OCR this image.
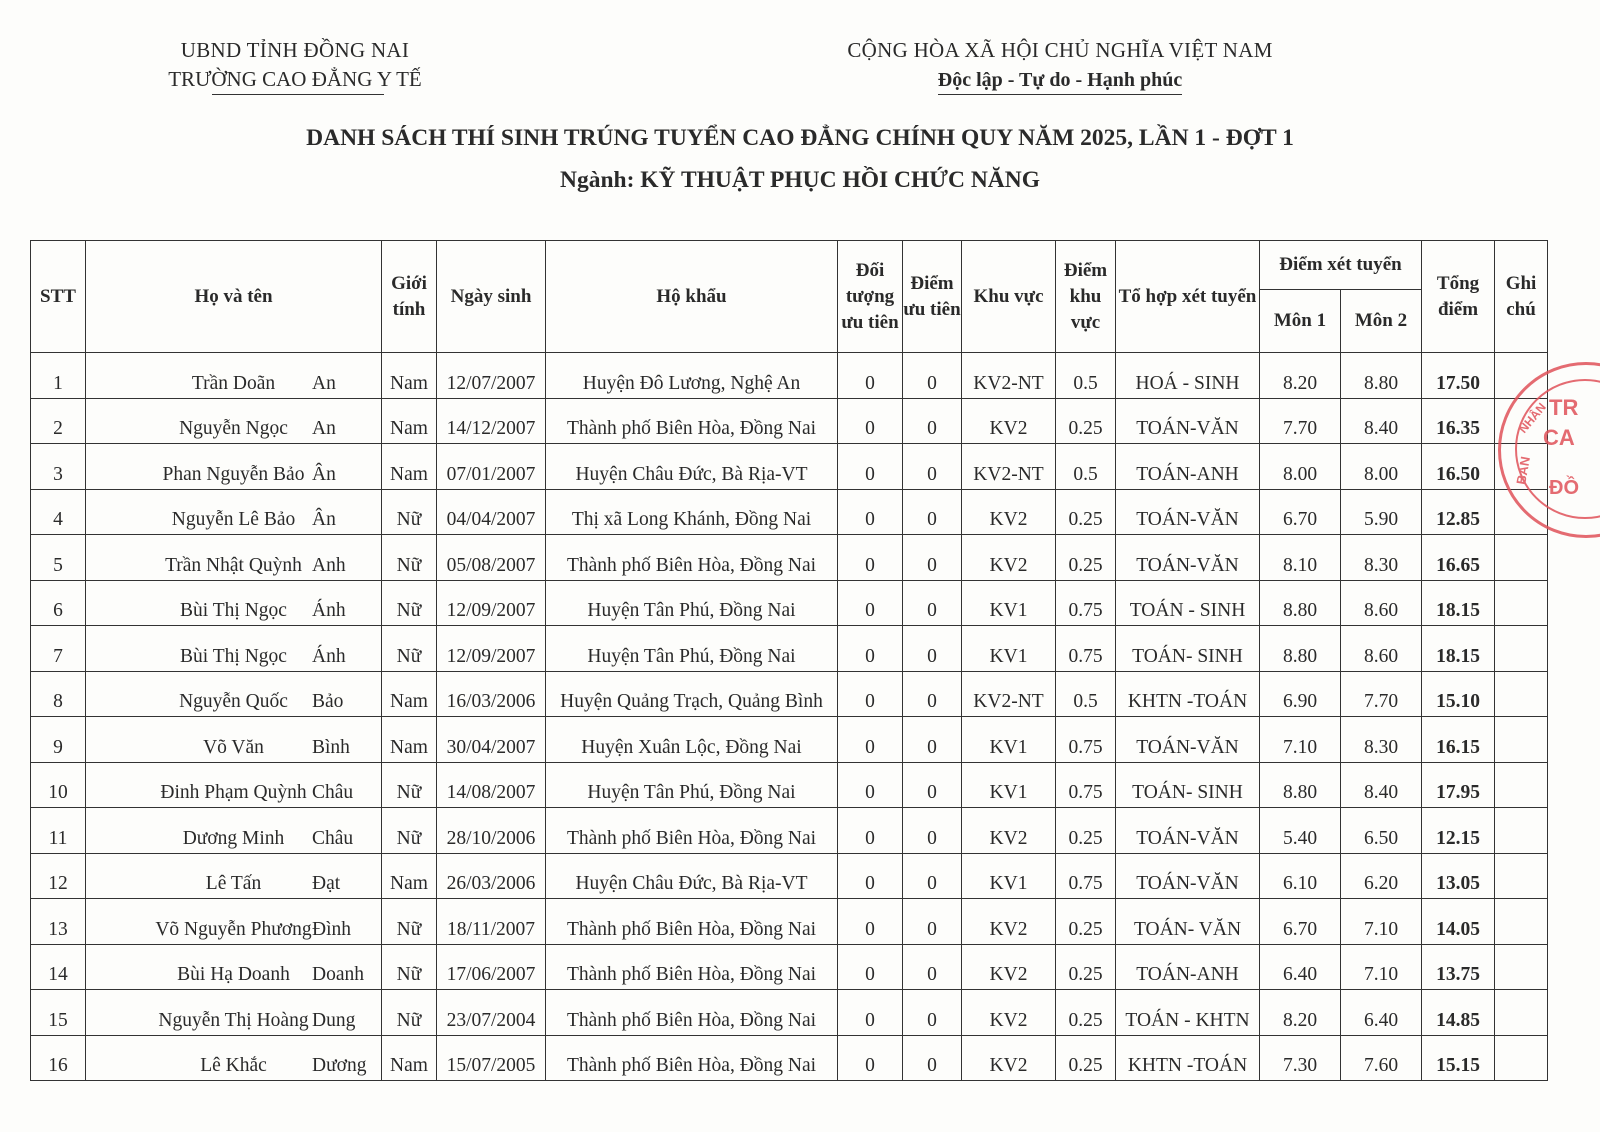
UBND TỈNH ĐỒNG NAI
TRƯỜNG CAO ĐẲNG Y TẾ
CỘNG HÒA XÃ HỘI CHỦ NGHĨA VIỆT NAM
Độc lập - Tự do - Hạnh phúc
DANH SÁCH THÍ SINH TRÚNG TUYỂN CAO ĐẲNG CHÍNH QUY NĂM 2025, LẦN 1 - ĐỢT 1
Ngành: KỸ THUẬT PHỤC HỒI CHỨC NĂNG
STT	Họ và tên	Giới tính	Ngày sinh	Hộ khẩu	Đối tượng ưu tiên	Điểm ưu tiên	Khu vực	Điểm khu vực	Tổ hợp xét tuyển	Điểm xét tuyển		Tổng điểm	Ghi chú
										Môn 1	Môn 2		
1	Trần Doãn An	Nam	12/07/2007	Huyện Đô Lương, Nghệ An	0	0	KV2-NT	0.5	HOÁ - SINH	8.20	8.80	17.50	
2	Nguyễn Ngọc An	Nam	14/12/2007	Thành phố Biên Hòa, Đồng Nai	0	0	KV2	0.25	TOÁN-VĂN	7.70	8.40	16.35	
3	Phan Nguyễn Bảo Ân	Nam	07/01/2007	Huyện Châu Đức, Bà Rịa-VT	0	0	KV2-NT	0.5	TOÁN-ANH	8.00	8.00	16.50	
4	Nguyễn Lê Bảo Ân	Nữ	04/04/2007	Thị xã Long Khánh, Đồng Nai	0	0	KV2	0.25	TOÁN-VĂN	6.70	5.90	12.85	
5	Trần Nhật Quỳnh Anh	Nữ	05/08/2007	Thành phố Biên Hòa, Đồng Nai	0	0	KV2	0.25	TOÁN-VĂN	8.10	8.30	16.65	
6	Bùi Thị Ngọc Ánh	Nữ	12/09/2007	Huyện Tân Phú, Đồng Nai	0	0	KV1	0.75	TOÁN - SINH	8.80	8.60	18.15	
7	Bùi Thị Ngọc Ánh	Nữ	12/09/2007	Huyện Tân Phú, Đồng Nai	0	0	KV1	0.75	TOÁN- SINH	8.80	8.60	18.15	
8	Nguyễn Quốc Bảo	Nam	16/03/2006	Huyện Quảng Trạch, Quảng Bình	0	0	KV2-NT	0.5	KHTN -TOÁN	6.90	7.70	15.10	
9	Võ Văn Bình	Nam	30/04/2007	Huyện Xuân Lộc, Đồng Nai	0	0	KV1	0.75	TOÁN-VĂN	7.10	8.30	16.15	
10	Đinh Phạm Quỳnh Châu	Nữ	14/08/2007	Huyện Tân Phú, Đồng Nai	0	0	KV1	0.75	TOÁN- SINH	8.80	8.40	17.95	
11	Dương Minh Châu	Nữ	28/10/2006	Thành phố Biên Hòa, Đồng Nai	0	0	KV2	0.25	TOÁN-VĂN	5.40	6.50	12.15	
12	Lê Tấn Đạt	Nam	26/03/2006	Huyện Châu Đức, Bà Rịa-VT	0	0	KV1	0.75	TOÁN-VĂN	6.10	6.20	13.05	
13	Võ Nguyễn Phương Đình	Nữ	18/11/2007	Thành phố Biên Hòa, Đồng Nai	0	0	KV2	0.25	TOÁN- VĂN	6.70	7.10	14.05	
14	Bùi Hạ Doanh Doanh	Nữ	17/06/2007	Thành phố Biên Hòa, Đồng Nai	0	0	KV2	0.25	TOÁN-ANH	6.40	7.10	13.75	
15	Nguyễn Thị Hoàng Dung	Nữ	23/07/2004	Thành phố Biên Hòa, Đồng Nai	0	0	KV2	0.25	TOÁN - KHTN	8.20	6.40	14.85	
16	Lê Khắc Dương	Nam	15/07/2005	Thành phố Biên Hòa, Đồng Nai	0	0	KV2	0.25	KHTN -TOÁN	7.30	7.60	15.15	
TR
CA
ĐỒ
BAN
NHÂN
